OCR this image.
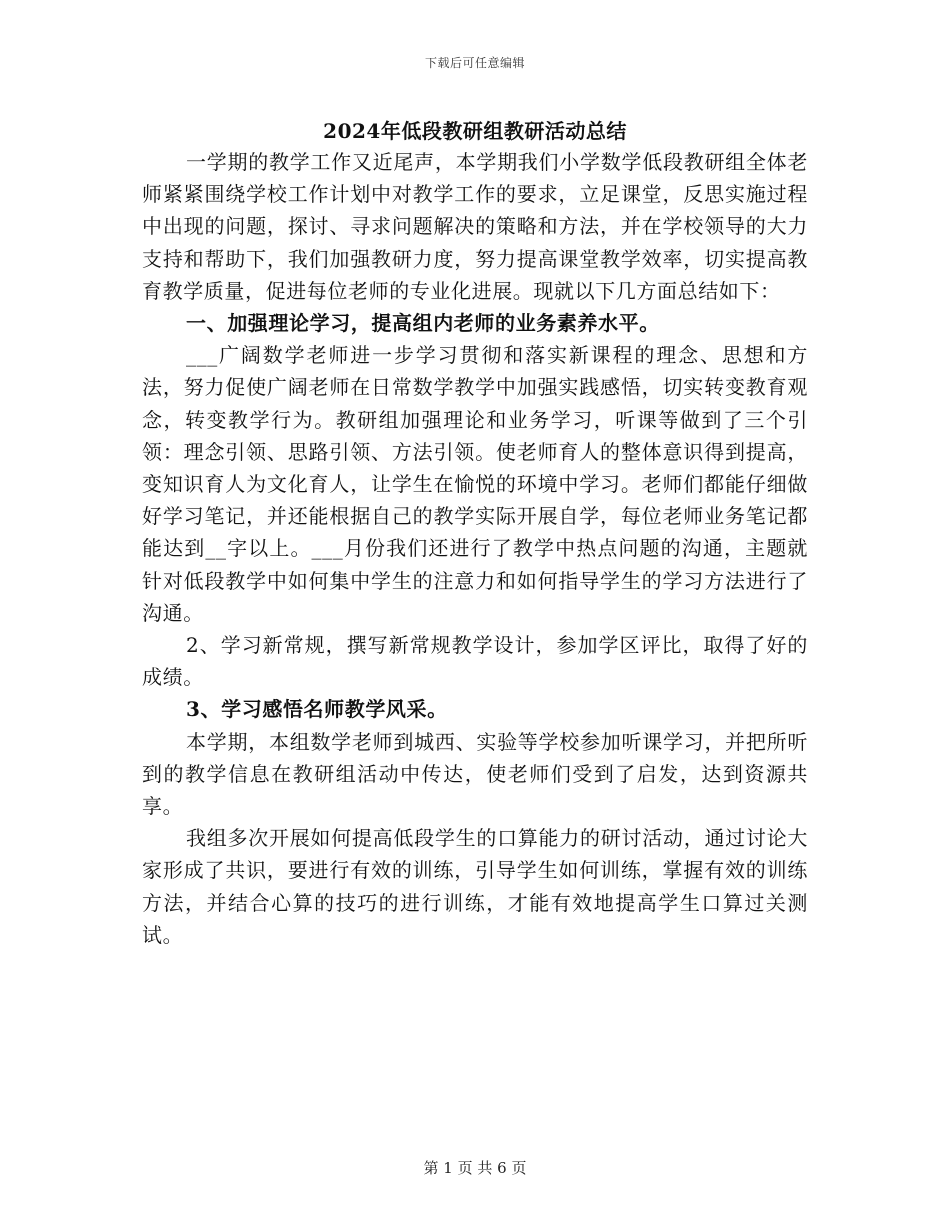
下载后可任意编辑
2024年低段教研组教研活动总结

一学期的教学工作又近尾声，本学期我们小学数学低段教研组全体老师紧紧围绕学校工作计划中对教学工作的要求，立足课堂，反思实施过程中出现的问题，探讨、寻求问题解决的策略和方法，并在学校领导的大力支持和帮助下，我们加强教研力度，努力提高课堂教学效率，切实提高教育教学质量，促进每位老师的专业化进展。现就以下几方面总结如下：

一、加强理论学习，提高组内老师的业务素养水平。

___广阔数学老师进一步学习贯彻和落实新课程的理念、思想和方法，努力促使广阔老师在日常数学教学中加强实践感悟，切实转变教育观念，转变教学行为。教研组加强理论和业务学习，听课等做到了三个引领：理念引领、思路引领、方法引领。使老师育人的整体意识得到提高，变知识育人为文化育人，让学生在愉悦的环境中学习。老师们都能仔细做好学习笔记，并还能根据自己的教学实际开展自学，每位老师业务笔记都能达到__字以上。___月份我们还进行了教学中热点问题的沟通，主题就针对低段教学中如何集中学生的注意力和如何指导学生的学习方法进行了沟通。

2、学习新常规，撰写新常规教学设计，参加学区评比，取得了好的成绩。

3、学习感悟名师教学风采。

本学期，本组数学老师到城西、实验等学校参加听课学习，并把所听到的教学信息在教研组活动中传达，使老师们受到了启发，达到资源共享。

我组多次开展如何提高低段学生的口算能力的研讨活动，通过讨论大家形成了共识，要进行有效的训练，引导学生如何训练，掌握有效的训练方法，并结合心算的技巧的进行训练，才能有效地提高学生口算过关测试。

第 1 页 共 6 页
